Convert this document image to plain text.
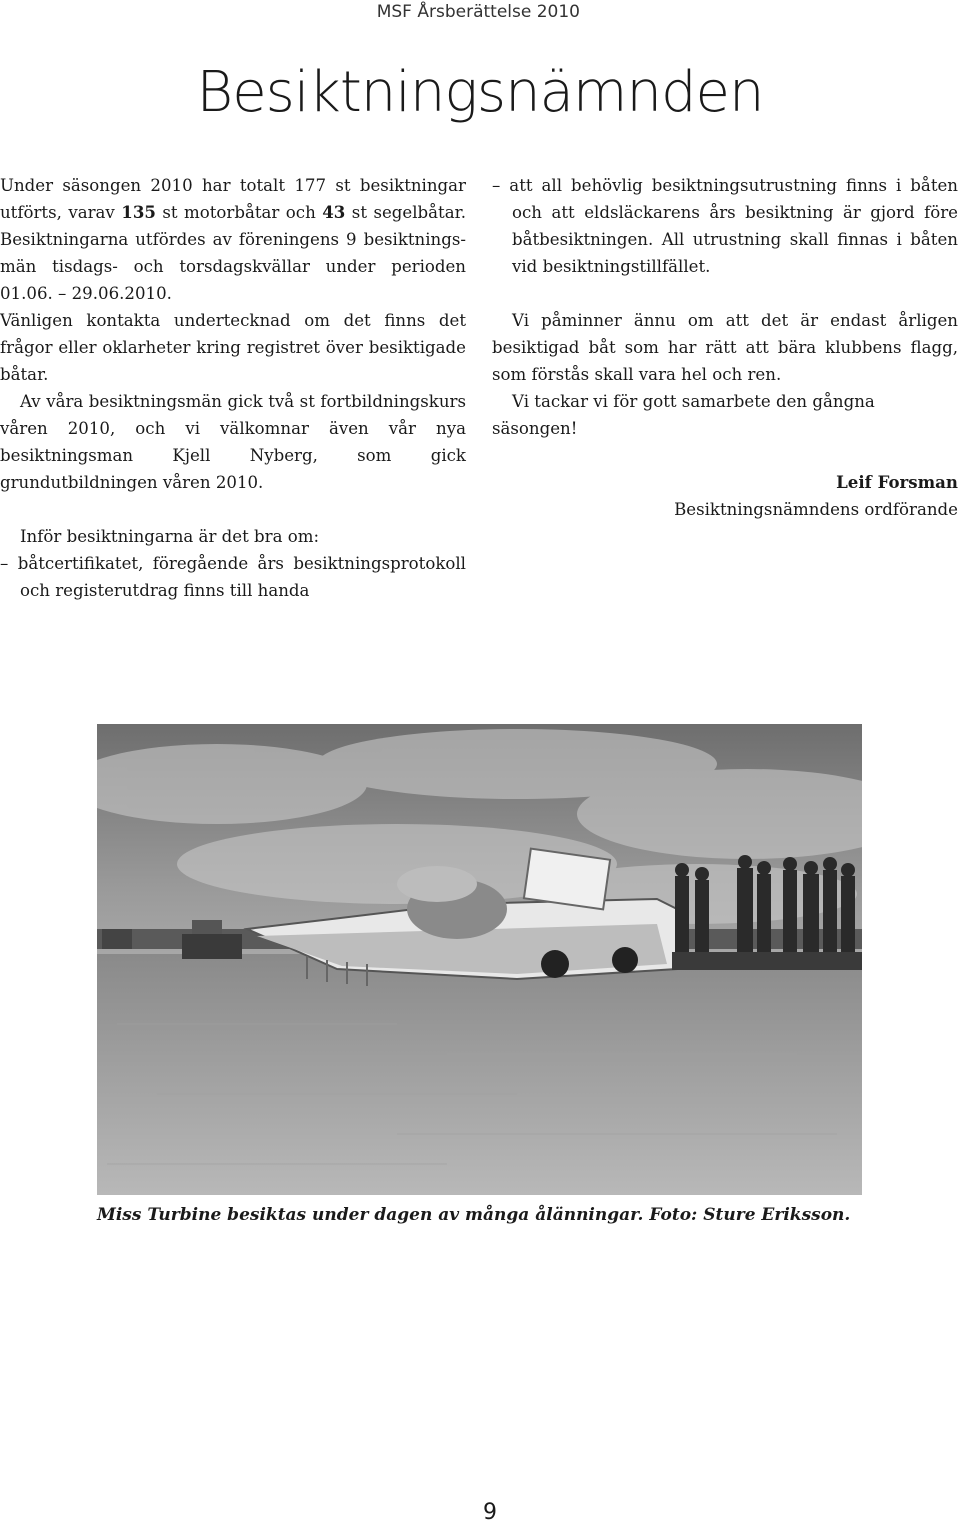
MSF Årsberättelse 2010
Besiktningsnämnden

Under säsongen 2010 har totalt 177 st besiktningar utförts, varav 135 st motorbåtar och 43 st segelbåtar. Besiktningarna utfördes av föreningens 9 besiktningsmän tisdags- och torsdagskvällar under perioden 01.06. – 29.06.2010.

Vänligen kontakta undertecknad om det finns det frågor eller oklarheter kring registret över besiktigade båtar.

Av våra besiktningsmän gick två st fortbildningskurs våren 2010, och vi välkomnar även vår nya besiktningsman Kjell Nyberg, som gick grundutbildningen våren 2010.

Inför besiktningarna är det bra om:

– båtcertifikatet, föregående års besiktningsprotokoll och registerutdrag finns till handa

– att all behövlig besiktningsutrustning finns i båten och att eldsläckarens års besiktning är gjord före båtbesiktningen. All utrustning skall finnas i båten vid besiktningstillfället.

Vi påminner ännu om att det är endast årligen besiktigad båt som har rätt att bära klubbens flagg, som förstås skall vara hel och ren.

Vi tackar vi för gott samarbete den gångna säsongen!

Leif Forsman

Besiktningsnämndens ordförande

Miss Turbine besiktas under dagen av många ålänningar. Foto: Sture Eriksson.
9
